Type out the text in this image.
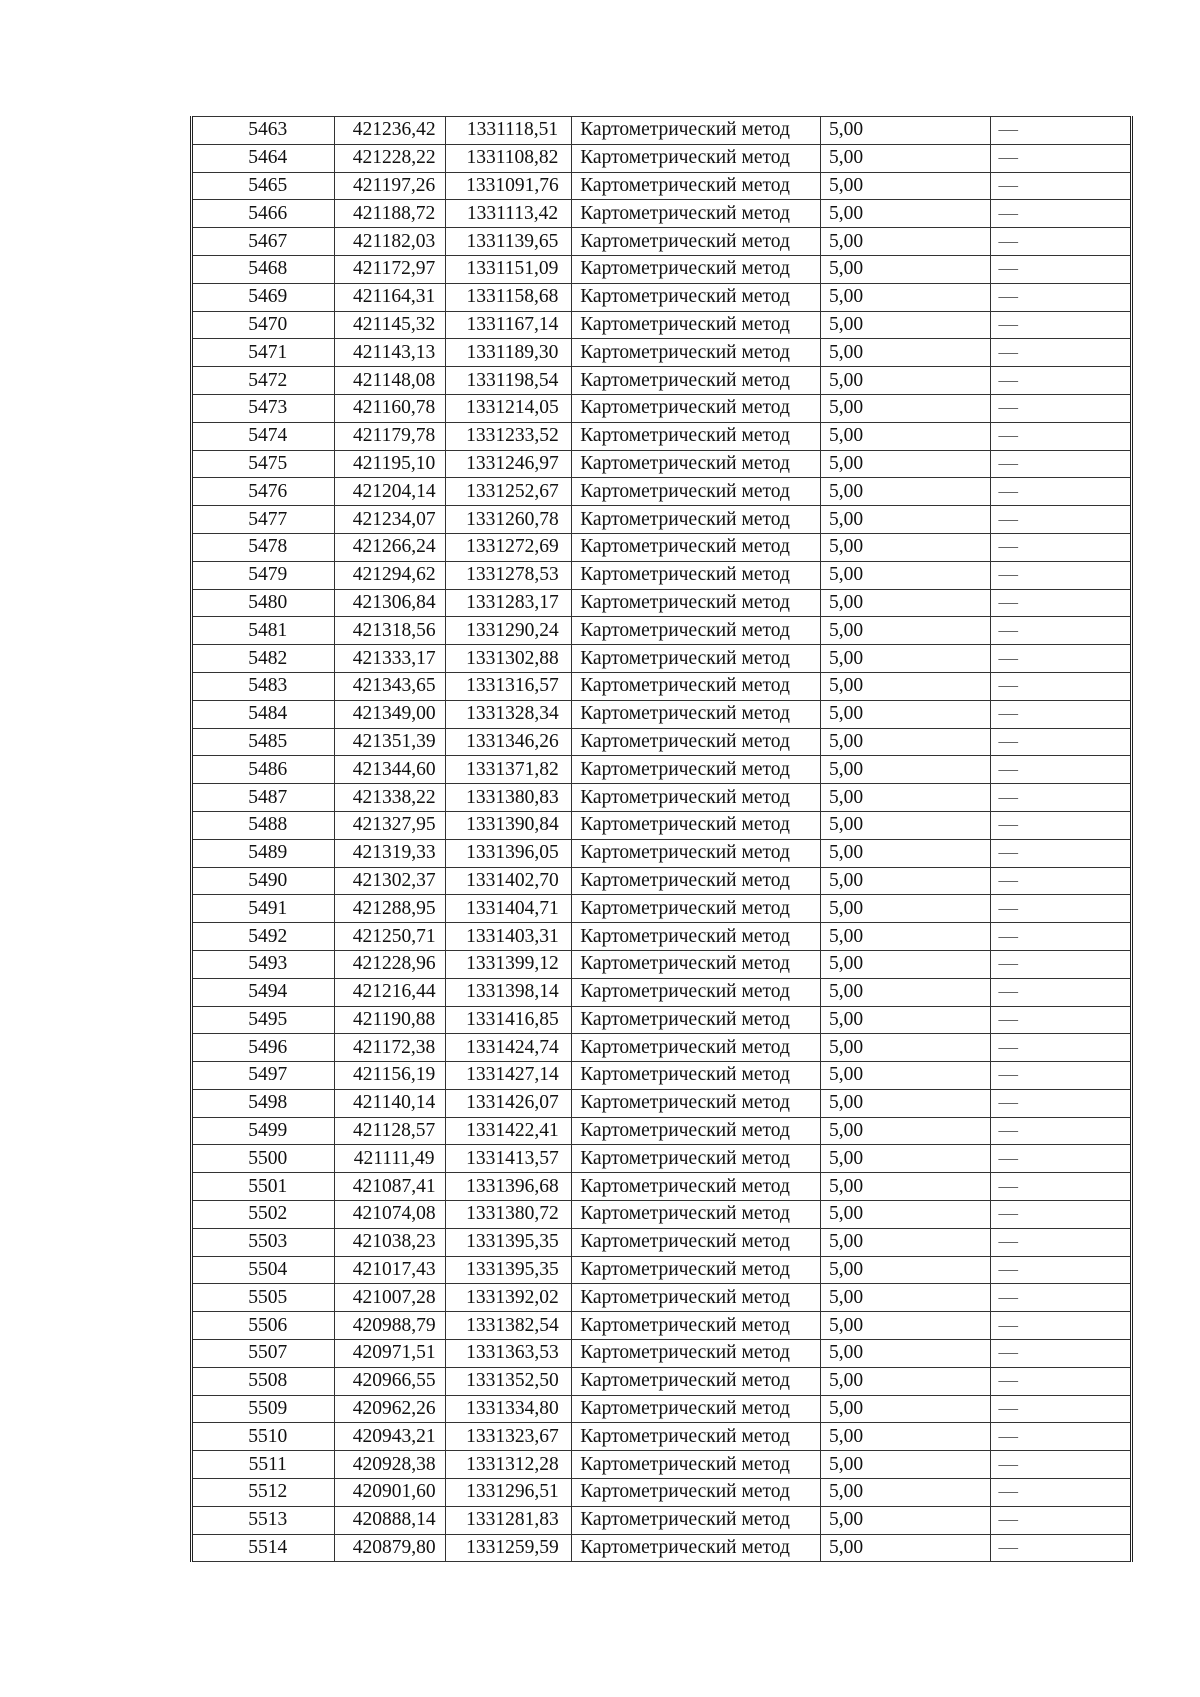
5463	421236,42	1331118,51	Картометрический метод	5,00	—
5464	421228,22	1331108,82	Картометрический метод	5,00	—
5465	421197,26	1331091,76	Картометрический метод	5,00	—
5466	421188,72	1331113,42	Картометрический метод	5,00	—
5467	421182,03	1331139,65	Картометрический метод	5,00	—
5468	421172,97	1331151,09	Картометрический метод	5,00	—
5469	421164,31	1331158,68	Картометрический метод	5,00	—
5470	421145,32	1331167,14	Картометрический метод	5,00	—
5471	421143,13	1331189,30	Картометрический метод	5,00	—
5472	421148,08	1331198,54	Картометрический метод	5,00	—
5473	421160,78	1331214,05	Картометрический метод	5,00	—
5474	421179,78	1331233,52	Картометрический метод	5,00	—
5475	421195,10	1331246,97	Картометрический метод	5,00	—
5476	421204,14	1331252,67	Картометрический метод	5,00	—
5477	421234,07	1331260,78	Картометрический метод	5,00	—
5478	421266,24	1331272,69	Картометрический метод	5,00	—
5479	421294,62	1331278,53	Картометрический метод	5,00	—
5480	421306,84	1331283,17	Картометрический метод	5,00	—
5481	421318,56	1331290,24	Картометрический метод	5,00	—
5482	421333,17	1331302,88	Картометрический метод	5,00	—
5483	421343,65	1331316,57	Картометрический метод	5,00	—
5484	421349,00	1331328,34	Картометрический метод	5,00	—
5485	421351,39	1331346,26	Картометрический метод	5,00	—
5486	421344,60	1331371,82	Картометрический метод	5,00	—
5487	421338,22	1331380,83	Картометрический метод	5,00	—
5488	421327,95	1331390,84	Картометрический метод	5,00	—
5489	421319,33	1331396,05	Картометрический метод	5,00	—
5490	421302,37	1331402,70	Картометрический метод	5,00	—
5491	421288,95	1331404,71	Картометрический метод	5,00	—
5492	421250,71	1331403,31	Картометрический метод	5,00	—
5493	421228,96	1331399,12	Картометрический метод	5,00	—
5494	421216,44	1331398,14	Картометрический метод	5,00	—
5495	421190,88	1331416,85	Картометрический метод	5,00	—
5496	421172,38	1331424,74	Картометрический метод	5,00	—
5497	421156,19	1331427,14	Картометрический метод	5,00	—
5498	421140,14	1331426,07	Картометрический метод	5,00	—
5499	421128,57	1331422,41	Картометрический метод	5,00	—
5500	421111,49	1331413,57	Картометрический метод	5,00	—
5501	421087,41	1331396,68	Картометрический метод	5,00	—
5502	421074,08	1331380,72	Картометрический метод	5,00	—
5503	421038,23	1331395,35	Картометрический метод	5,00	—
5504	421017,43	1331395,35	Картометрический метод	5,00	—
5505	421007,28	1331392,02	Картометрический метод	5,00	—
5506	420988,79	1331382,54	Картометрический метод	5,00	—
5507	420971,51	1331363,53	Картометрический метод	5,00	—
5508	420966,55	1331352,50	Картометрический метод	5,00	—
5509	420962,26	1331334,80	Картометрический метод	5,00	—
5510	420943,21	1331323,67	Картометрический метод	5,00	—
5511	420928,38	1331312,28	Картометрический метод	5,00	—
5512	420901,60	1331296,51	Картометрический метод	5,00	—
5513	420888,14	1331281,83	Картометрический метод	5,00	—
5514	420879,80	1331259,59	Картометрический метод	5,00	—
